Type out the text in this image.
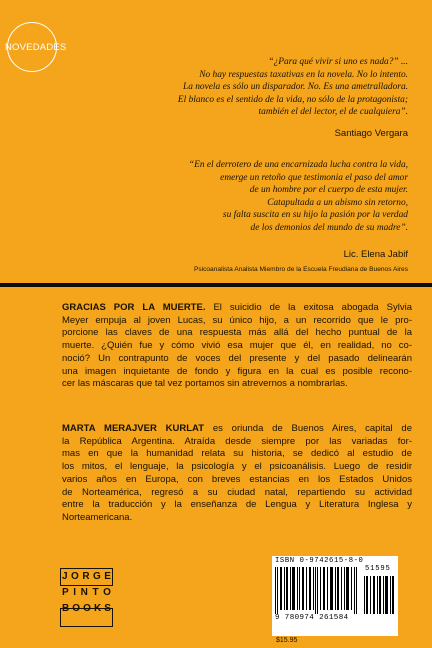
NOVEDADES
“¿Para qué vivir si uno es nada?” ...
No hay respuestas taxativas en la novela. No lo intento.
La novela es sólo un disparador. No. Es una ametralladora.
El blanco es el sentido de la vida, no sólo de la protagonista;
también el del lector, el de cualquiera”.
Santiago Vergara
“En el derrotero de una encarnizada lucha contra la vida,
emerge un retoño que testimonia el paso del amor
de un hombre por el cuerpo de esta mujer.
Catapultada a un abismo sin retorno,
su falta suscita en su hijo la pasión por la verdad
de los demonios del mundo de su madre”.
Lic. Elena Jabif
Psicoanalista Analista Miembro de la Escuela Freudiana de Buenos Aires
GRACIAS POR LA MUERTE. El suicidio de la exitosa abogada Sylvia
Meyer empuja al joven Lucas, su único hijo, a un recorrido que le pro-
porcione las claves de una respuesta más allá del hecho puntual de la
muerte. ¿Quién fue y cómo vivió esa mujer que él, en realidad, no co-
noció? Un contrapunto de voces del presente y del pasado delinearán
una imagen inquietante de fondo y figura en la cual es posible recono-
cer las máscaras que tal vez portamos sin atrevernos a nombrarlas.
MARTA MERAJVER KURLAT es oriunda de Buenos Aires, capital de
la República Argentina. Atraída desde siempre por las variadas for-
mas en que la humanidad relata su historia, se dedicó al estudio de
los mitos, el lenguaje, la psicología y el psicoanálisis. Luego de residir
varios años en Europa, con breves estancias en los Estados Unidos
de Norteamérica, regresó a su ciudad natal, repartiendo su actividad
entre la traducción y la enseñanza de Lengua y Literatura Inglesa y
Norteamericana.
J O R G E
P I N T O
B O O K S
ISBN 0-9742615-8-0
51595
9 780974 261584
$15.95
